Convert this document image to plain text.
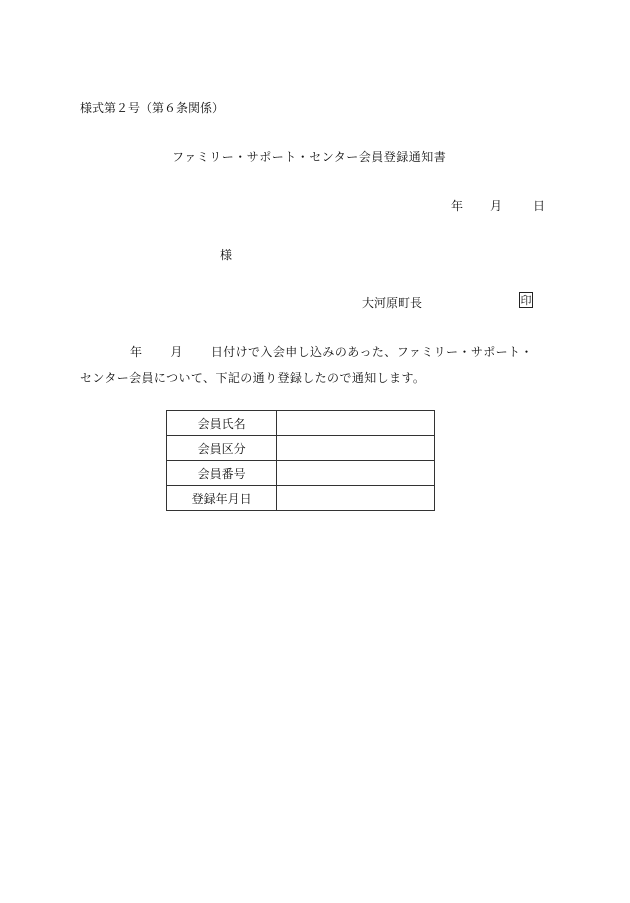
様式第２号（第６条関係）
ファミリー・サポート・センター会員登録通知書
年 月	日
様
大河原町長	印
年 月 日付けで入会申し込みのあった、ファミリー・サポート・
センター会員について、下記の通り登録したので通知します。
会員氏名	
会員区分	
会員番号	
登録年月日	
